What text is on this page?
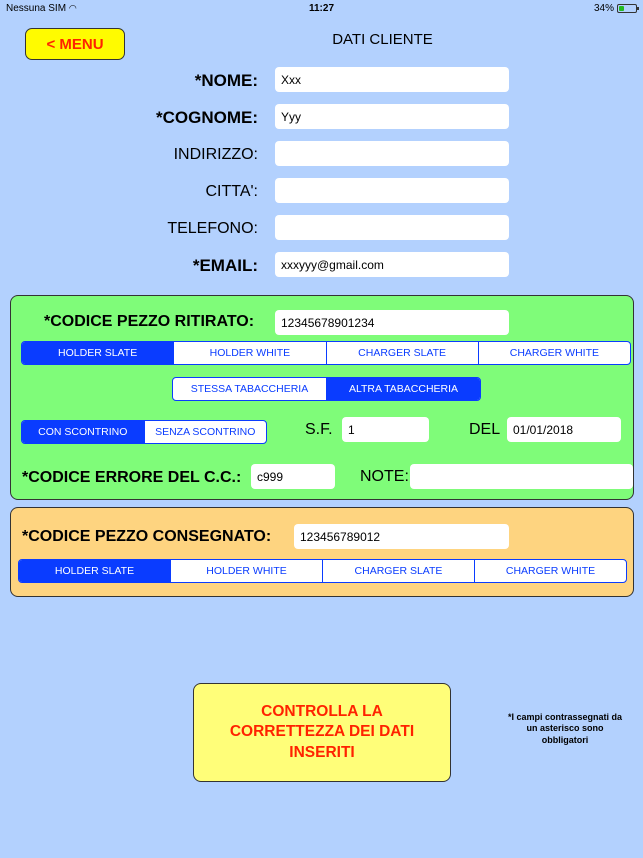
Nessuna SIM ◠	11:27	34%
< MENU	DATI CLIENTE
*NOME:	Xxx
*COGNOME:	Yyy
INDIRIZZO:
CITTA':
TELEFONO:
*EMAIL:	xxxyyy@gmail.com
*CODICE PEZZO RITIRATO:	12345678901234
HOLDER SLATE	HOLDER WHITE	CHARGER SLATE	CHARGER WHITE
STESSA TABACCHERIA	ALTRA TABACCHERIA
CON SCONTRINO	SENZA SCONTRINO	S.F.	1	DEL	01/01/2018
*CODICE ERRORE DEL C.C.:	c999	NOTE:
*CODICE PEZZO CONSEGNATO:	123456789012
HOLDER SLATE	HOLDER WHITE	CHARGER SLATE	CHARGER WHITE
CONTROLLA LA CORRETTEZZA DEI DATI INSERITI
*I campi contrassegnati da un asterisco sono obbligatori
